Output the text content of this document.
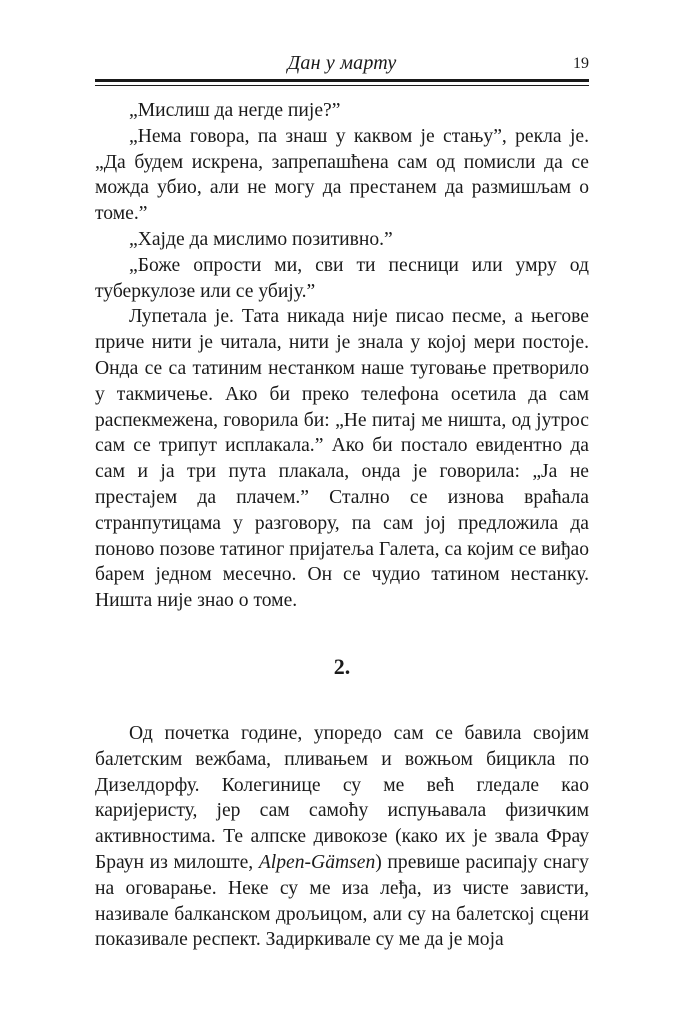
Дан у марту	19

„Мислиш да негде пије?”

„Нема говора, па знаш у каквом је стању”, рекла је. „Да будем искрена, запрепашћена сам од помисли да се можда убио, али не могу да престанем да размишљам о томе.”

„Хајде да мислимо позитивно.”

„Боже опрости ми, сви ти песници или умру од туберкулозе или се убију.”

Лупетала је. Тата никада није писао песме, а његове приче нити је читала, нити је знала у којој мери постоје. Онда се са татиним нестанком наше туговање претворило у такмичење. Ако би преко телефона осетила да сам распекмежена, говорила би: „Не питај ме ништа, од јутрос сам се трипут исплакала.” Ако би постало евидентно да сам и ја три пута плакала, онда је говорила: „Ја не престајем да плачем.” Стално се изнова враћала странпутицама у разговору, па сам јој предложила да поново позове татиног пријатеља Галета, са којим се виђао барем једном месечно. Он се чудио татином нестанку. Ништа није знао о томе.

2.

Од почетка године, упоредо сам се бавила својим балетским вежбама, пливањем и вожњом бицикла по Дизелдорфу. Колегинице су ме већ гледале као каријеристу, јер сам самоћу испуњавала физичким активностима. Те алпске дивокозе (како их је звала Фрау Браун из милоште, Alpen-Gämsen) превише расипају снагу на оговарање. Неке су ме иза леђа, из чисте зависти, називале балканском дрољицом, али су на балетској сцени показивале респект. Задиркивале су ме да је моја
